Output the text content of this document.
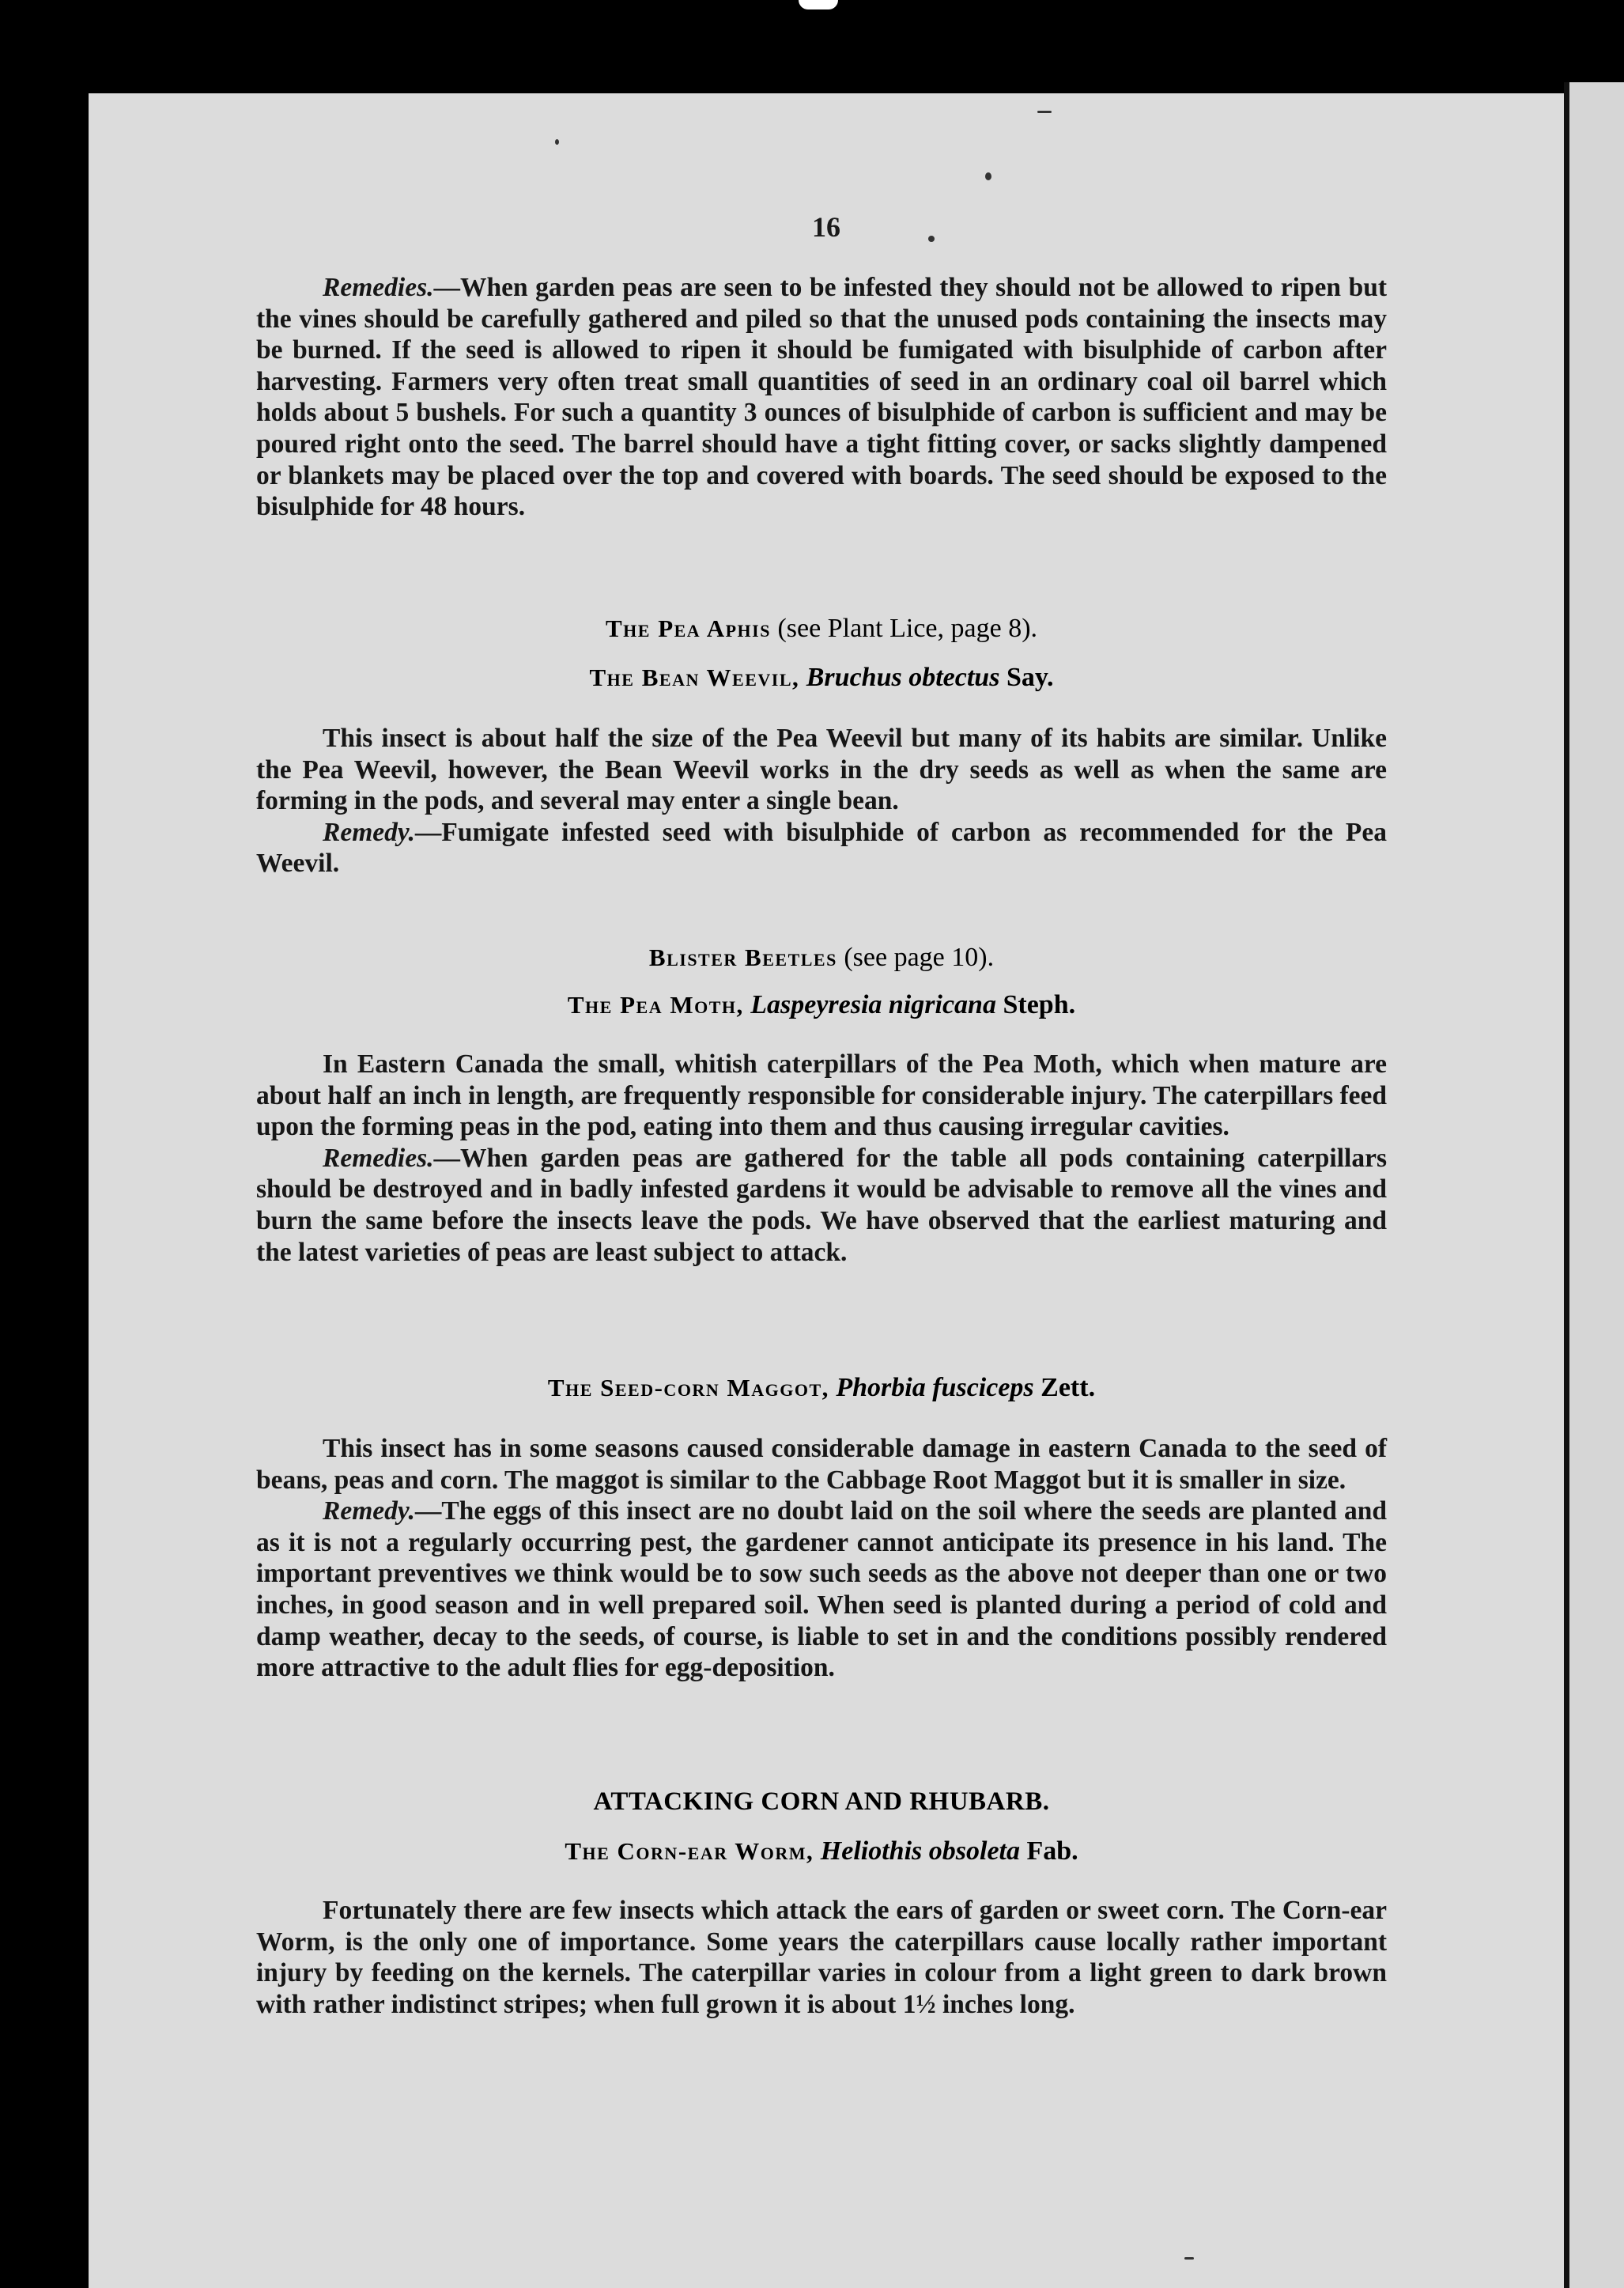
16

Remedies.—When garden peas are seen to be infested they should not be allowed to ripen but the vines should be carefully gathered and piled so that the unused pods containing the insects may be burned. If the seed is allowed to ripen it should be fumigated with bisulphide of carbon after harvesting. Farmers very often treat small quantities of seed in an ordinary coal oil barrel which holds about 5 bushels. For such a quantity 3 ounces of bisulphide of carbon is sufficient and may be poured right onto the seed. The barrel should have a tight fitting cover, or sacks slightly dampened or blankets may be placed over the top and covered with boards. The seed should be exposed to the bisulphide for 48 hours.

The Pea Aphis (see Plant Lice, page 8).

The Bean Weevil, Bruchus obtectus Say.

This insect is about half the size of the Pea Weevil but many of its habits are similar. Unlike the Pea Weevil, however, the Bean Weevil works in the dry seeds as well as when the same are forming in the pods, and several may enter a single bean.

Remedy.—Fumigate infested seed with bisulphide of carbon as recommended for the Pea Weevil.

Blister Beetles (see page 10).

The Pea Moth, Laspeyresia nigricana Steph.

In Eastern Canada the small, whitish caterpillars of the Pea Moth, which when mature are about half an inch in length, are frequently responsible for considerable injury. The caterpillars feed upon the forming peas in the pod, eating into them and thus causing irregular cavities.

Remedies.—When garden peas are gathered for the table all pods containing caterpillars should be destroyed and in badly infested gardens it would be advisable to remove all the vines and burn the same before the insects leave the pods. We have observed that the earliest maturing and the latest varieties of peas are least subject to attack.

The Seed-corn Maggot, Phorbia fusciceps Zett.

This insect has in some seasons caused considerable damage in eastern Canada to the seed of beans, peas and corn. The maggot is similar to the Cabbage Root Maggot but it is smaller in size.

Remedy.—The eggs of this insect are no doubt laid on the soil where the seeds are planted and as it is not a regularly occurring pest, the gardener cannot anticipate its presence in his land. The important preventives we think would be to sow such seeds as the above not deeper than one or two inches, in good season and in well prepared soil. When seed is planted during a period of cold and damp weather, decay to the seeds, of course, is liable to set in and the conditions possibly rendered more attractive to the adult flies for egg-deposition.

ATTACKING CORN AND RHUBARB.

The Corn-ear Worm, Heliothis obsoleta Fab.

Fortunately there are few insects which attack the ears of garden or sweet corn. The Corn-ear Worm, is the only one of importance. Some years the caterpillars cause locally rather important injury by feeding on the kernels. The caterpillar varies in colour from a light green to dark brown with rather indistinct stripes; when full grown it is about 1½ inches long.
